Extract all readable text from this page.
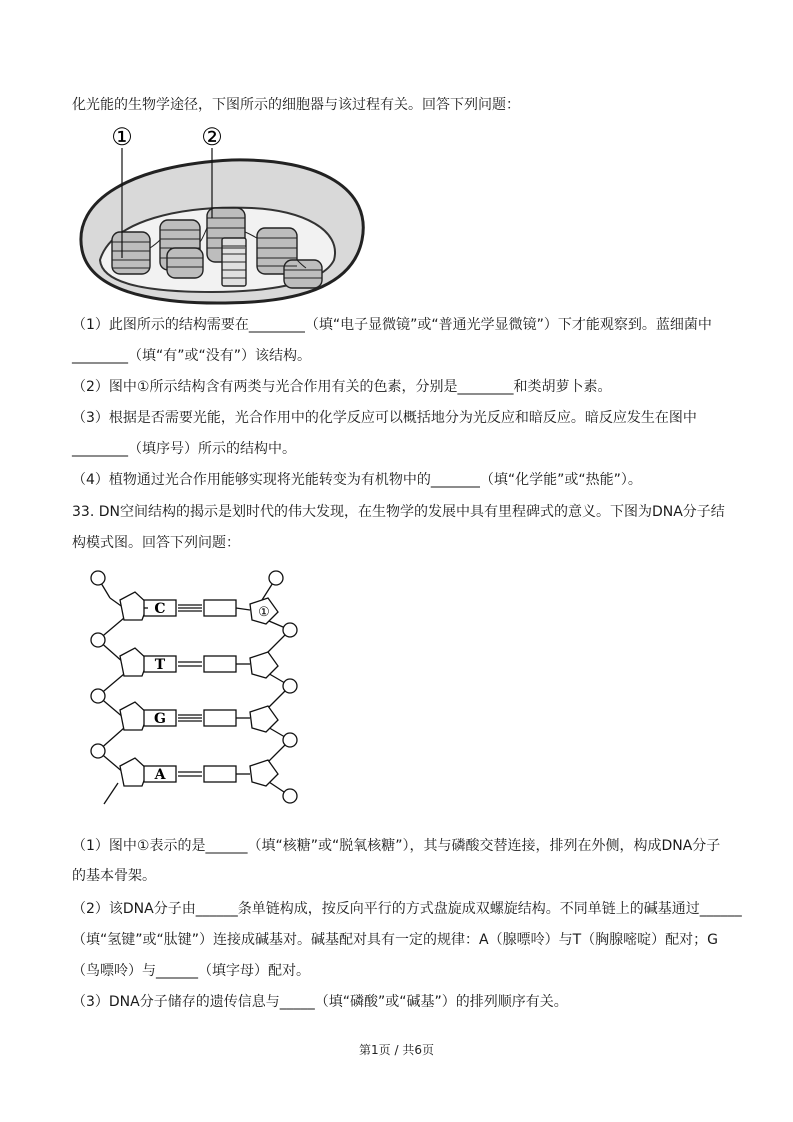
化光能的生物学途径，下图所示的细胞器与该过程有关。回答下列问题：
①	②
（1）此图所示的结构需要在________（填“电子显微镜”或“普通光学显微镜”）下才能观察到。蓝细菌中
________（填“有”或“没有”）该结构。
（2）图中①所示结构含有两类与光合作用有关的色素，分别是________和类胡萝卜素。
（3）根据是否需要光能，光合作用中的化学反应可以概括地分为光反应和暗反应。暗反应发生在图中
________（填序号）所示的结构中。
（4）植物通过光合作用能够实现将光能转变为有机物中的_______（填“化学能”或“热能”）。
33. DN空间结构的揭示是划时代的伟大发现，在生物学的发展中具有里程碑式的意义。下图为DNA分子结
构模式图。回答下列问题：
C
T
G
A
①
（1）图中①表示的是______（填“核糖”或“脱氧核糖”），其与磷酸交替连接，排列在外侧，构成DNA分子
的基本骨架。
（2）该DNA分子由______条单链构成，按反向平行的方式盘旋成双螺旋结构。不同单链上的碱基通过______
（填“氢键”或“肽键”）连接成碱基对。碱基配对具有一定的规律：A（腺嘌呤）与T（胸腺嘧啶）配对；G
（鸟嘌呤）与______（填字母）配对。
（3）DNA分子储存的遗传信息与_____（填“磷酸”或“碱基”）的排列顺序有关。
第1页 / 共6页
